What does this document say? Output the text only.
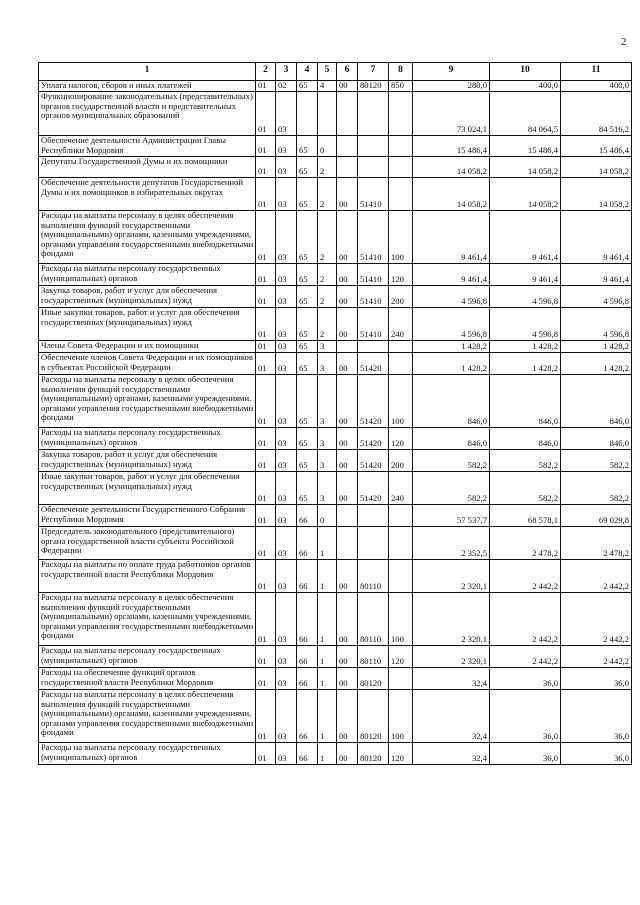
2
1	2	3	4	5	6	7	8	9	10	11
Уплата налогов, сборов и иных платежей	01	02	65	4	00	80120	850	280,0	400,0	400,0
Функционирование законодательных (представительных) органов государственной власти и представительных органов муниципальных образований	01	03						73 024,1	84 064,5	84 516,2
Обеспечение деятельности Администрации Главы Республики Мордовия	01	03	65	0				15 486,4	15 486,4	15 486,4
Депутаты Государственной Думы и их помощники	01	03	65	2				14 058,2	14 058,2	14 058,2
Обеспечение деятельности депутатов Государственной Думы и их помощников в избирательных округах	01	03	65	2	00	51410		14 058,2	14 058,2	14 058,2
Расходы на выплаты персоналу в целях обеспечения выполнения функций государственными (муниципальными) органами, казенными учреждениями, органами управления государственными внебюджетными фондами	01	03	65	2	00	51410	100	9 461,4	9 461,4	9 461,4
Расходы на выплаты персоналу государственных (муниципальных) органов	01	03	65	2	00	51410	120	9 461,4	9 461,4	9 461,4
Закупка товаров, работ и услуг для обеспечения государственных (муниципальных) нужд	01	03	65	2	00	51410	200	4 596,8	4 596,8	4 596,8
Иные закупки товаров, работ и услуг для обеспечения государственных (муниципальных) нужд	01	03	65	2	00	51410	240	4 596,8	4 596,8	4 596,8
Члены Совета Федерации и их помощники	01	03	65	3				1 428,2	1 428,2	1 428,2
Обеспечение членов Совета Федерации и их помощников в субъектах Российской Федерации	01	03	65	3	00	51420		1 428,2	1 428,2	1 428,2
Расходы на выплаты персоналу в целях обеспечения выполнения функций государственными (муниципальными) органами, казенными учреждениями, органами управления государственными внебюджетными фондами	01	03	65	3	00	51420	100	846,0	846,0	846,0
Расходы на выплаты персоналу государственных (муниципальных) органов	01	03	65	3	00	51420	120	846,0	846,0	846,0
Закупка товаров, работ и услуг для обеспечения государственных (муниципальных) нужд	01	03	65	3	00	51420	200	582,2	582,2	582,2
Иные закупки товаров, работ и услуг для обеспечения государственных (муниципальных) нужд	01	03	65	3	00	51420	240	582,2	582,2	582,2
Обеспечение деятельности Государственного Собрания Республики Мордовия	01	03	66	0				57 537,7	68 578,1	69 029,8
Председатель законодательного (представительного) органа государственной власти субъекта Российской Федерации	01	03	66	1				2 352,5	2 478,2	2 478,2
Расходы на выплаты по оплате труда работников органов государственной власти Республики Мордовия	01	03	66	1	00	80110		2 320,1	2 442,2	2 442,2
Расходы на выплаты персоналу в целях обеспечения выполнения функций государственными (муниципальными) органами, казенными учреждениями, органами управления государственными внебюджетными фондами	01	03	66	1	00	80110	100	2 320,1	2 442,2	2 442,2
Расходы на выплаты персоналу государственных (муниципальных) органов	01	03	66	1	00	80110	120	2 320,1	2 442,2	2 442,2
Расходы на обеспечение функций органов государственной власти Республики Мордовия	01	03	66	1	00	80120		32,4	36,0	36,0
Расходы на выплаты персоналу в целях обеспечения выполнения функций государственными (муниципальными) органами, казенными учреждениями, органами управления государственными внебюджетными фондами	01	03	66	1	00	80120	100	32,4	36,0	36,0
Расходы на выплаты персоналу государственных (муниципальных) органов	01	03	66	1	00	80120	120	32,4	36,0	36,0
